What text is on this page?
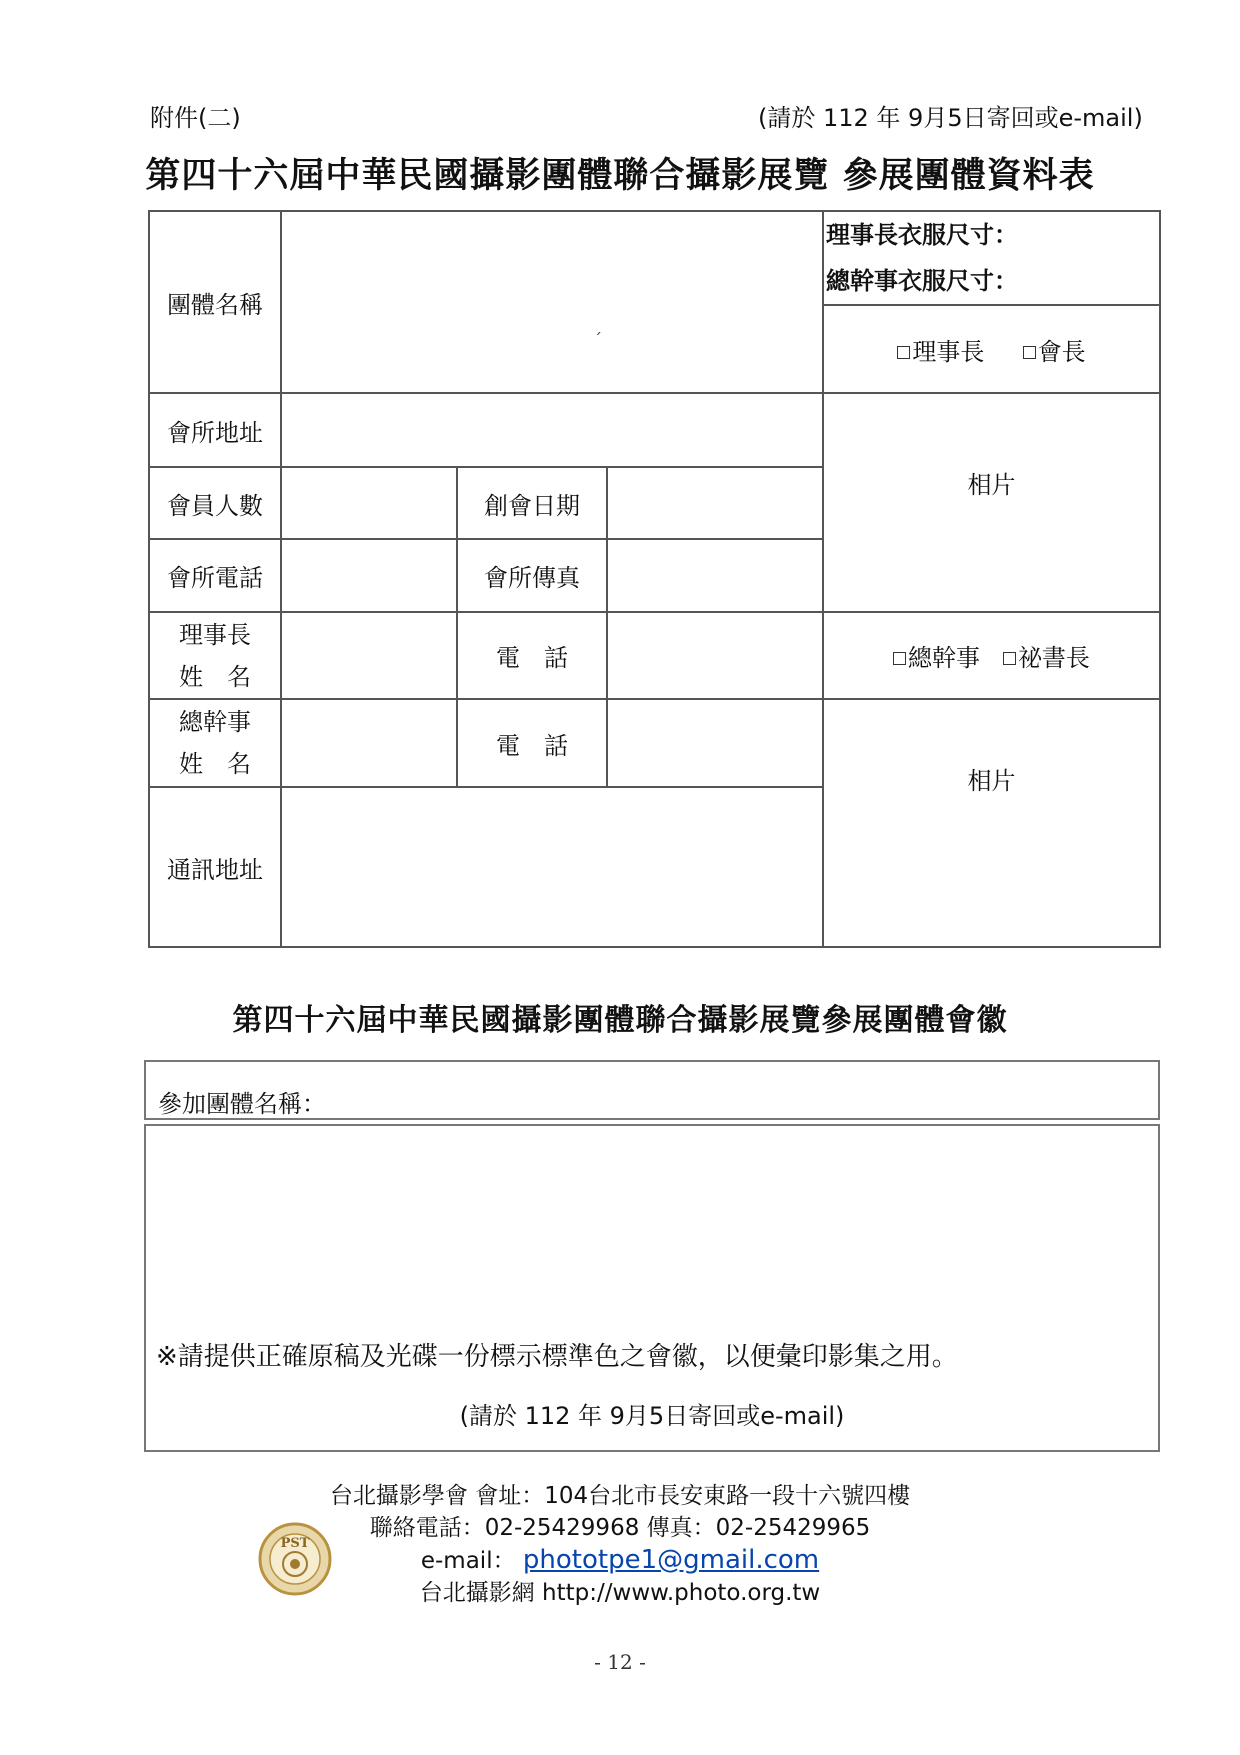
附件(二)	(請於 112 年 9月5日寄回或e-mail)
第四十六屆中華民國攝影團體聯合攝影展覽 參展團體資料表
團體名稱	ˊ			理事長衣服尺寸：
總幹事衣服尺寸：

				理事長 會長
會所地址				相片
會員人數		創會日期		
會所電話		會所傳真		

理事長
姓　名		電　話		總幹事 祕書長

總幹事
姓　名		電　話		相片
通訊地址				
第四十六屆中華民國攝影團體聯合攝影展覽參展團體會徽
參加團體名稱：
※請提供正確原稿及光碟一份標示標準色之會徽，以便彙印影集之用。
(請於 112 年 9月5日寄回或e-mail)
PST
台北攝影學會 會址：104台北市長安東路一段十六號四樓
聯絡電話：02-25429968 傳真：02-25429965
e-mail： phototpe1@gmail.com
台北攝影網 http://www.photo.org.tw
- 12 -
